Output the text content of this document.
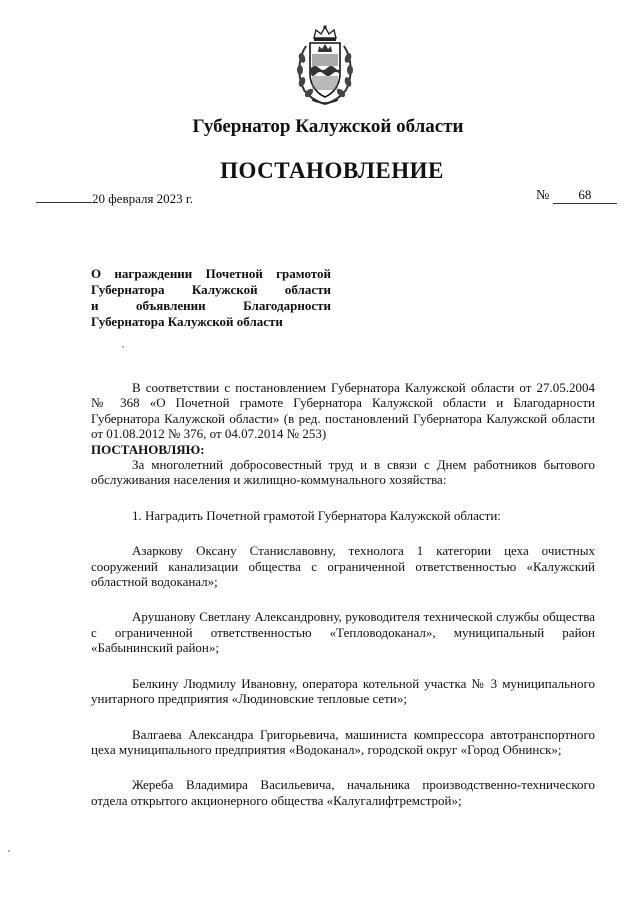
Губернатор Калужской области
ПОСТАНОВЛЕНИЕ
20 февраля 2023 г.	№ 68
О награждении Почетной грамотой
Губернатора Калужской области
и объявлении Благодарности
Губернатора Калужской области

В соответствии с постановлением Губернатора Калужской области от 27.05.2004 № 368 «О Почетной грамоте Губернатора Калужской области и Благодарности Губернатора Калужской области» (в ред. постановлений Губернатора Калужской области от 01.08.2012 № 376, от 04.07.2014 № 253)

ПОСТАНОВЛЯЮ:

За многолетний добросовестный труд и в связи с Днем работников бытового обслуживания населения и жилищно-коммунального хозяйства:

1. Наградить Почетной грамотой Губернатора Калужской области:

Азаркову Оксану Станиславовну, технолога 1 категории цеха очистных сооружений канализации общества с ограниченной ответственностью «Калужский областной водоканал»;

Арушанову Светлану Александровну, руководителя технической службы общества с ограниченной ответственностью «Тепловодоканал», муниципальный район «Бабынинский район»;

Белкину Людмилу Ивановну, оператора котельной участка № 3 муниципального унитарного предприятия «Людиновские тепловые сети»;

Валгаева Александра Григорьевича, машиниста компрессора автотранспортного цеха муниципального предприятия «Водоканал», городской округ «Город Обнинск»;

Жереба Владимира Васильевича, начальника производственно-технического отдела открытого акционерного общества «Калугалифтремстрой»;
